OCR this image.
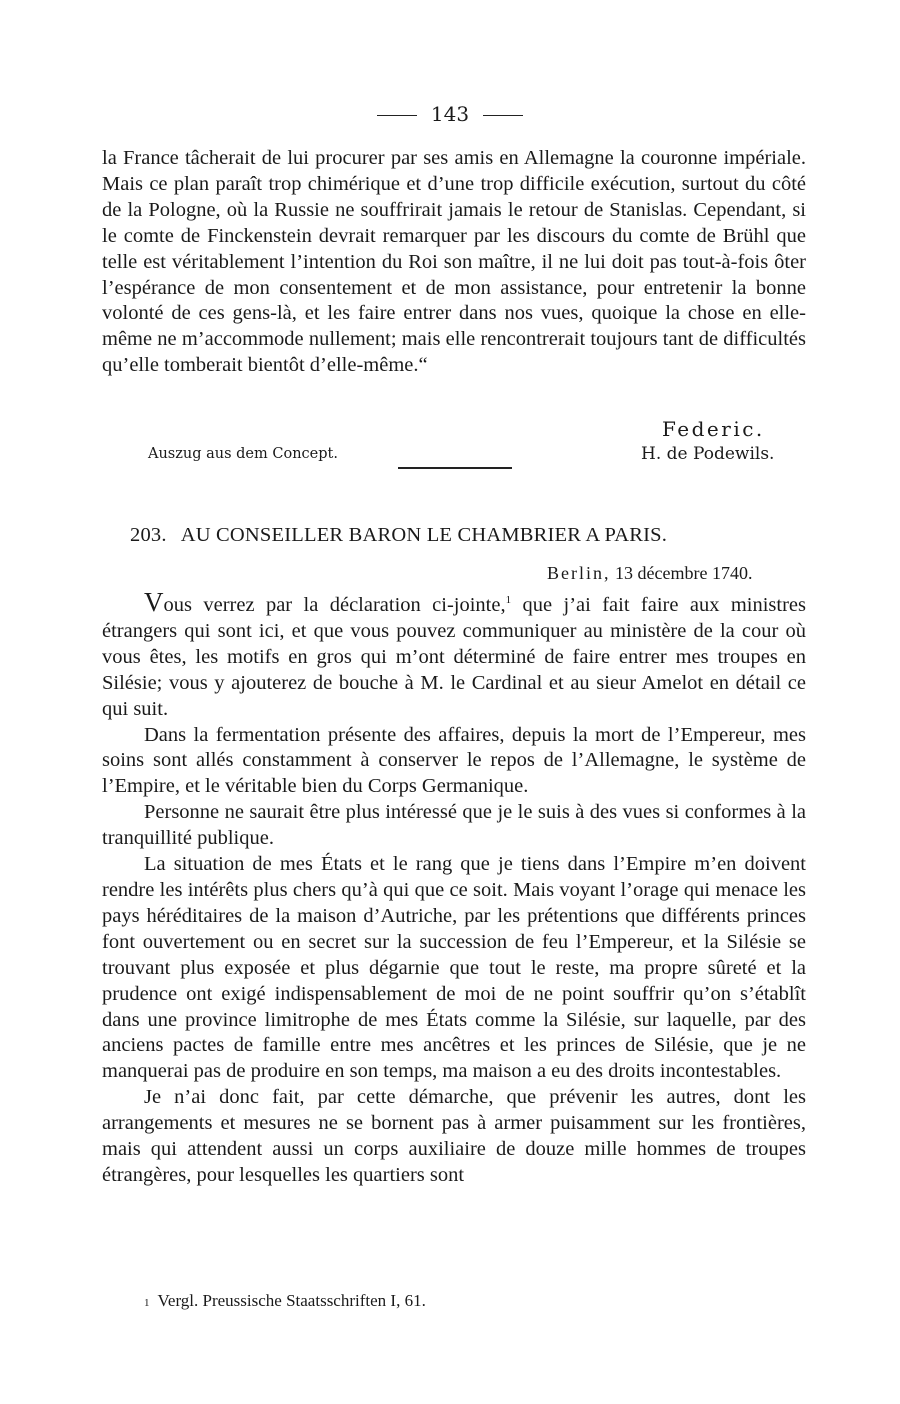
143

la France tâcherait de lui procurer par ses amis en Allemagne la couronne impériale. Mais ce plan paraît trop chimérique et d’une trop difficile exécution, surtout du côté de la Pologne, où la Russie ne souffrirait jamais le retour de Stanislas. Cependant, si le comte de Finckenstein devrait remarquer par les discours du comte de Brühl que telle est véritablement l’intention du Roi son maître, il ne lui doit pas tout-à-fois ôter l’espérance de mon consentement et de mon assistance, pour entretenir la bonne volonté de ces gens-là, et les faire entrer dans nos vues, quoique la chose en elle-même ne m’accommode nullement; mais elle rencontrerait toujours tant de difficultés qu’elle tomberait bientôt d’elle-même.“

Federic.
Auszug aus dem Concept.	H. de Podewils.
203. AU CONSEILLER BARON LE CHAMBRIER A PARIS.
Berlin, 13 décembre 1740.

Vous verrez par la déclaration ci-jointe,$^1$ que j’ai fait faire aux ministres étrangers qui sont ici, et que vous pouvez communiquer au ministère de la cour où vous êtes, les motifs en gros qui m’ont déterminé de faire entrer mes troupes en Silésie; vous y ajouterez de bouche à M. le Cardinal et au sieur Amelot en détail ce qui suit.

Dans la fermentation présente des affaires, depuis la mort de l’Empereur, mes soins sont allés constamment à conserver le repos de l’Allemagne, le système de l’Empire, et le véritable bien du Corps Germanique.

Personne ne saurait être plus intéressé que je le suis à des vues si conformes à la tranquillité publique.

La situation de mes États et le rang que je tiens dans l’Empire m’en doivent rendre les intérêts plus chers qu’à qui que ce soit. Mais voyant l’orage qui menace les pays héréditaires de la maison d’Autriche, par les prétentions que différents princes font ouvertement ou en secret sur la succession de feu l’Empereur, et la Silésie se trouvant plus exposée et plus dégarnie que tout le reste, ma propre sûreté et la prudence ont exigé indispensablement de moi de ne point souffrir qu’on s’établît dans une province limitrophe de mes États comme la Silésie, sur laquelle, par des anciens pactes de famille entre mes ancêtres et les princes de Silésie, que je ne manquerai pas de produire en son temps, ma maison a eu des droits incontestables.

Je n’ai donc fait, par cette démarche, que prévenir les autres, dont les arrangements et mesures ne se bornent pas à armer puisamment sur les frontières, mais qui attendent aussi un corps auxiliaire de douze mille hommes de troupes étrangères, pour lesquelles les quartiers sont

1 Vergl. Preussische Staatsschriften I, 61.
